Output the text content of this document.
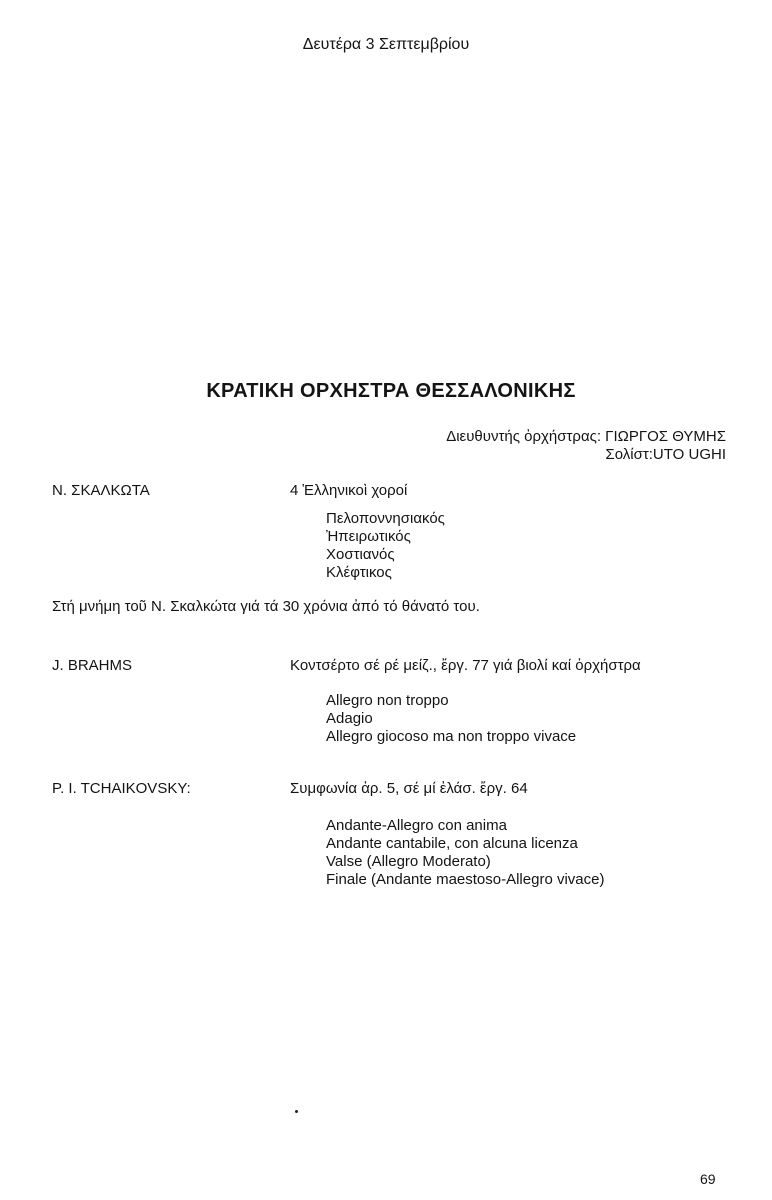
Δευτέρα 3 Σεπτεμβρίου
ΚΡΑΤΙΚΗ ΟΡΧΗΣΤΡΑ ΘΕΣΣΑΛΟΝΙΚΗΣ
Διευθυντής ὀρχήστρας: ΓΙΩΡΓΟΣ ΘΥΜΗΣ
Σολίστ:UTO UGHI
Ν. ΣΚΑΛΚΩΤΑ	4 Ἑλληνικοὶ χοροί
Πελοποννησιακός
Ἠπειρωτικός
Χοστιανός
Κλέφτικος
Στή μνήμη τοῦ Ν. Σκαλκώτα γιά τά 30 χρόνια ἀπό τό θάνατό του.
J. BRAHMS	Κοντσέρτο σέ ρέ μείζ., ἔργ. 77 γιά βιολί καί ὀρχήστρα
Allegro non troppo
Adagio
Allegro giocoso ma non troppo vivace
P. I. TCHAIKOVSKY:	Συμφωνία ἀρ. 5, σέ μί ἐλάσ. ἔργ. 64
Andante-Allegro con anima
Andante cantabile, con alcuna licenza
Valse (Allegro Moderato)
Finale (Andante maestoso-Allegro vivace)
69
